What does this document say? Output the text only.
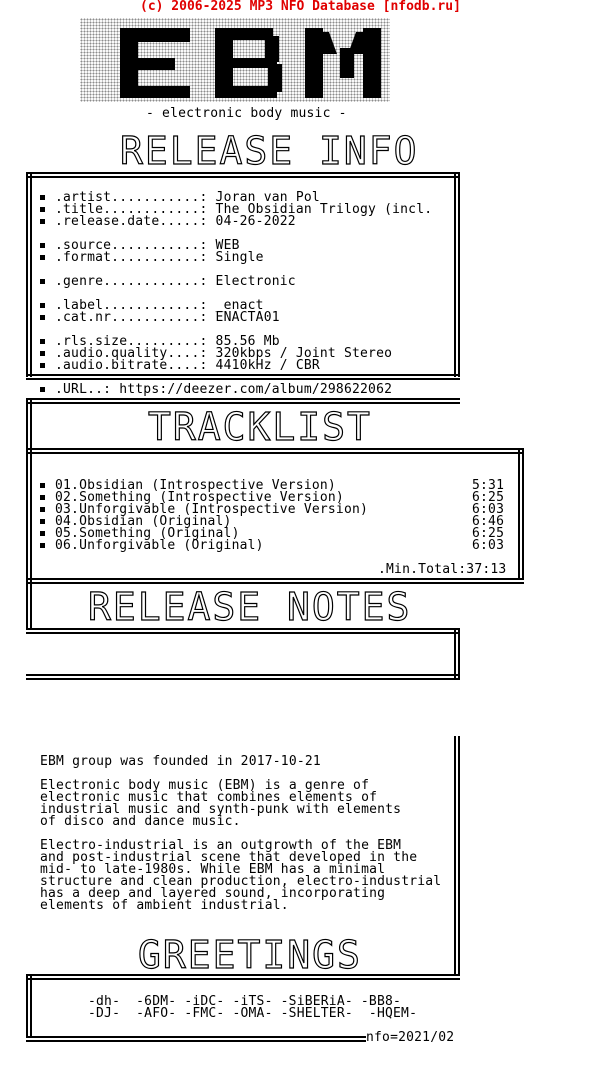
(c) 2006-2025 MP3 NFO Database [nfodb.ru]
- electronic body music -
RELEASE INFO
.artist...........: Joran van Pol
.title............: The Obsidian Trilogy (incl.
.release.date.....: 04-26-2022
.source...........: WEB
.format...........: Single
.genre............: Electronic
.label............: _enact
.cat.nr...........: ENACTA01
.rls.size.........: 85.56 Mb
.audio.quality....: 320kbps / Joint Stereo
.audio.bitrate....: 4410kHz / CBR
.URL..: https://deezer.com/album/298622062
TRACKLIST
01.Obsidian (Introspective Version)	5:31
02.Something (Introspective Version)	6:25
03.Unforgivable (Introspective Version)	6:03
04.Obsidian (Original)	6:46
05.Something (Original)	6:25
06.Unforgivable (Original)	6:03
.Min.Total:37:13
RELEASE NOTES
EBM group was founded in 2017-10-21
Electronic body music (EBM) is a genre of
electronic music that combines elements of
industrial music and synth-punk with elements
of disco and dance music.
Electro-industrial is an outgrowth of the EBM
and post-industrial scene that developed in the
mid- to late-1980s. While EBM has a minimal
structure and clean production, electro-industrial
has a deep and layered sound, incorporating
elements of ambient industrial.
GREETINGS
-dh-  -6DM- -iDC- -iTS- -SiBERiA- -BB8-
-DJ-  -AFO- -FMC- -OMA- -SHELTER-  -HQEM-
nfo=2021/02
